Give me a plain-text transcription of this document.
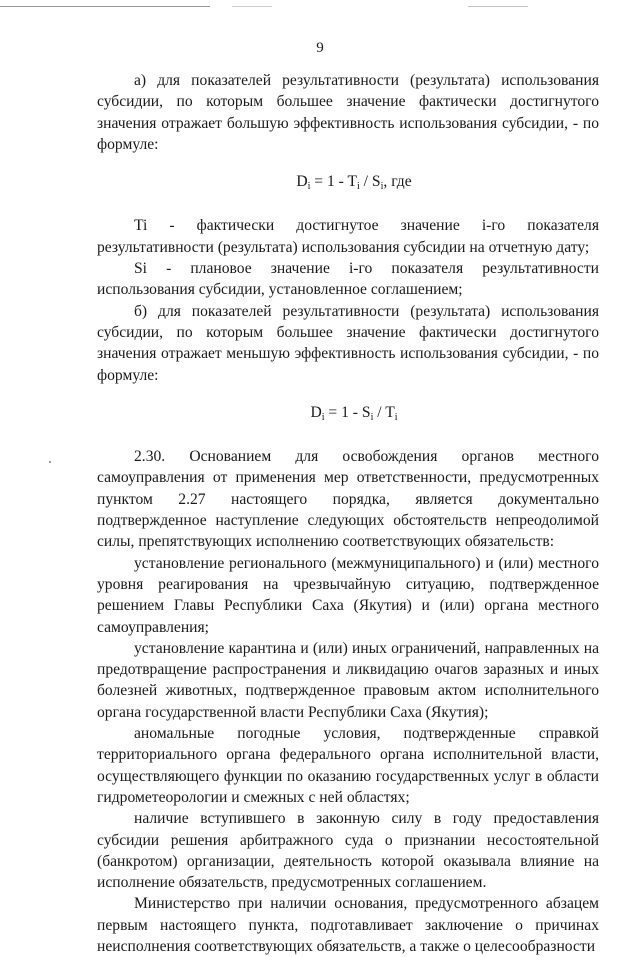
9

а) для показателей результативности (результата) использования субсидии, по которым большее значение фактически достигнутого значения отражает большую эффективность использования субсидии, - по формуле:

$D_i = 1 - T_i / S_i$, где

Ti - фактически достигнутое значение i-го показателя результативности (результата) использования субсидии на отчетную дату;

Si - плановое значение i-го показателя результативности использования субсидии, установленное соглашением;

б) для показателей результативности (результата) использования субсидии, по которым большее значение фактически достигнутого значения отражает меньшую эффективность использования субсидии, - по формуле:

$D_i = 1 - S_i / T_i$

2.30. Основанием для освобождения органов местного самоуправления от применения мер ответственности, предусмотренных пунктом 2.27 настоящего порядка, является документально подтвержденное наступление следующих обстоятельств непреодолимой силы, препятствующих исполнению соответствующих обязательств:

установление регионального (межмуниципального) и (или) местного уровня реагирования на чрезвычайную ситуацию, подтвержденное решением Главы Республики Саха (Якутия) и (или) органа местного самоуправления;

установление карантина и (или) иных ограничений, направленных на предотвращение распространения и ликвидацию очагов заразных и иных болезней животных, подтвержденное правовым актом исполнительного органа государственной власти Республики Саха (Якутия);

аномальные погодные условия, подтвержденные справкой территориального органа федерального органа исполнительной власти, осуществляющего функции по оказанию государственных услуг в области гидрометеорологии и смежных с ней областях;

наличие вступившего в законную силу в году предоставления субсидии решения арбитражного суда о признании несостоятельной (банкротом) организации, деятельность которой оказывала влияние на исполнение обязательств, предусмотренных соглашением.

Министерство при наличии основания, предусмотренного абзацем первым настоящего пункта, подготавливает заключение о причинах неисполнения соответствующих обязательств, а также о целесообразности
